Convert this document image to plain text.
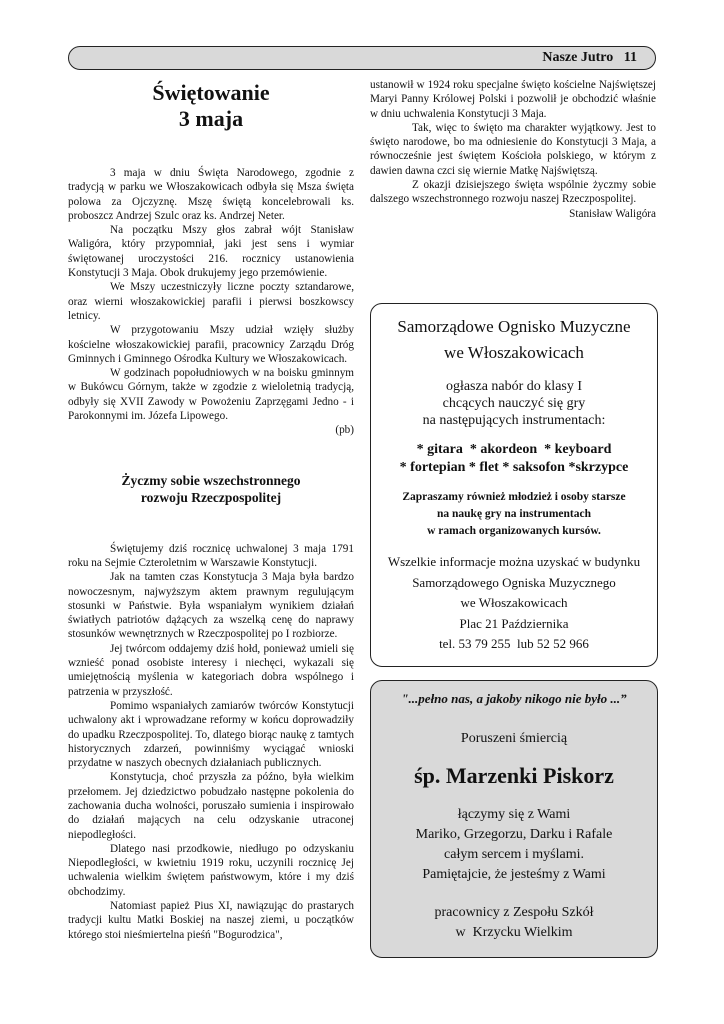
Nasze Jutro   11
Świętowanie
3 maja

3 maja w dniu Święta Narodowego, zgodnie z tradycją w parku we Włoszakowicach odbyła się Msza święta polowa za Ojczyznę. Mszę świętą koncelebrowali ks. proboszcz Andrzej Szulc oraz ks. Andrzej Neter.

Na początku Mszy głos zabrał wójt Stanisław Waligóra, który przypomniał, jaki jest sens i wymiar świętowanej uroczystości 216. rocznicy ustanowienia Konstytucji 3 Maja. Obok drukujemy jego przemówienie.

We Mszy uczestniczyły liczne poczty sztandarowe, oraz wierni włoszakowickiej parafii i pierwsi boszkowscy letnicy.

W przygotowaniu Mszy udział wzięły służby kościelne włoszakowickiej parafii, pracownicy Zarządu Dróg Gminnych i Gminnego Ośrodka Kultury we Włoszakowicach.

W godzinach popołudniowych w na boisku gminnym w Bukówcu Górnym, także w zgodzie z wieloletnią tradycją, odbyły się XVII Zawody w Powożeniu Zaprzęgami Jedno - i Parokonnymi im. Józefa Lipowego.

(pb)
Życzmy sobie wszechstronnego
rozwoju Rzeczpospolitej

Świętujemy dziś rocznicę uchwalonej 3 maja 1791 roku na Sejmie Czteroletnim w Warszawie Konstytucji.

Jak na tamten czas Konstytucja 3 Maja była bardzo nowoczesnym, najwyższym aktem prawnym regulującym stosunki w Państwie. Była wspaniałym wynikiem działań światłych patriotów dążących za wszelką cenę do naprawy stosunków wewnętrznych w Rzeczpospolitej po I rozbiorze.

Jej twórcom oddajemy dziś hołd, ponieważ umieli się wznieść ponad osobiste interesy i niechęci, wykazali się umiejętnością myślenia w kategoriach dobra wspólnego i patrzenia w przyszłość.

Pomimo wspaniałych zamiarów twórców Konstytucji uchwalony akt i wprowadzane reformy w końcu doprowadziły do upadku Rzeczpospolitej. To, dlatego biorąc naukę z tamtych historycznych zdarzeń, powinniśmy wyciągać wnioski przydatne w naszych obecnych działaniach publicznych.

Konstytucja, choć przyszła za późno, była wielkim przełomem. Jej dziedzictwo pobudzało następne pokolenia do zachowania ducha wolności, poruszało sumienia i inspirowało do działań mających na celu odzyskanie utraconej niepodległości.

Dlatego nasi przodkowie, niedługo po odzyskaniu Niepodległości, w kwietniu 1919 roku, uczynili rocznicę Jej uchwalenia wielkim świętem państwowym, które i my dziś obchodzimy.

Natomiast papież Pius XI, nawiązując do prastarych tradycji kultu Matki Boskiej na naszej ziemi, u początków którego stoi nieśmiertelna pieśń "Bogurodzica",

ustanowił w 1924 roku specjalne święto kościelne Najświętszej Maryi Panny Królowej Polski i pozwolił je obchodzić właśnie w dniu uchwalenia Konstytucji 3 Maja.

Tak, więc to święto ma charakter wyjątkowy. Jest to święto narodowe, bo ma odniesienie do Konstytucji 3 Maja, a równocześnie jest świętem Kościoła polskiego, w którym z dawien dawna czci się wiernie Matkę Najświętszą.

Z okazji dzisiejszego święta wspólnie życzmy sobie dalszego wszechstronnego rozwoju naszej Rzeczpospolitej.

Stanisław Waligóra
Samorządowe Ognisko Muzyczne
we Włoszakowicach
ogłasza nabór do klasy I
chcących nauczyć się gry
na następujących instrumentach:
* gitara  * akordeon  * keyboard
* fortepian * flet * saksofon *skrzypce
Zapraszamy również młodzież i osoby starsze
na naukę gry na instrumentach
w ramach organizowanych kursów.
Wszelkie informacje można uzyskać w budynku
Samorządowego Ogniska Muzycznego
we Włoszakowicach
Plac 21 Października
tel. 53 79 255  lub 52 52 966
"...pełno nas, a jakoby nikogo nie było ...”
Poruszeni śmiercią
śp. Marzenki Piskorz
łączymy się z Wami
Mariko, Grzegorzu, Darku i Rafale
całym sercem i myślami.
Pamiętajcie, że jesteśmy z Wami
pracownicy z Zespołu Szkół
w  Krzycku Wielkim
